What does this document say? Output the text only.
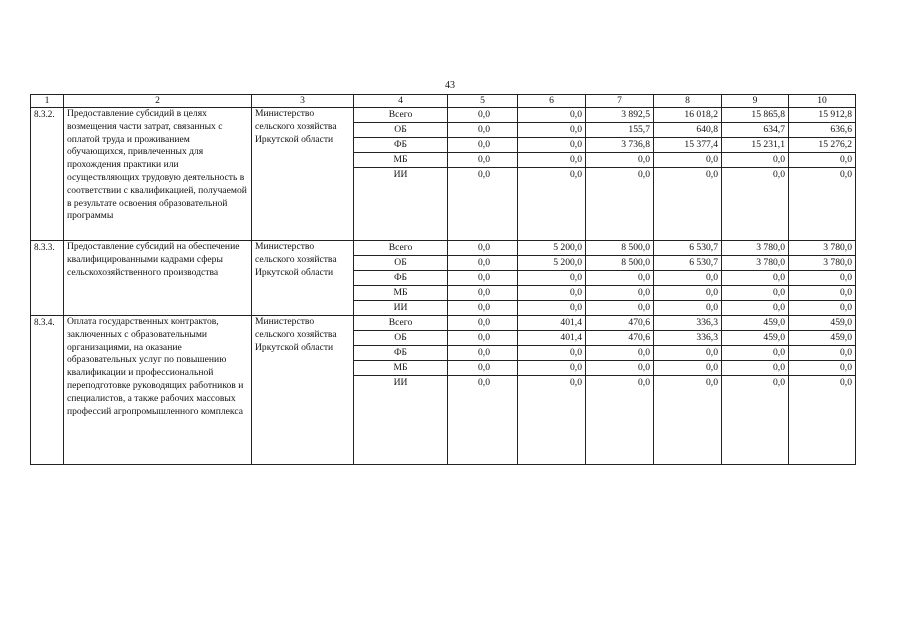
43
1	2	3	4	5	6	7	8	9	10
8.3.2.	Предоставление субсидий в целях возмещения части затрат, связанных с оплатой труда и проживанием обучающихся, привлеченных для прохождения практики или осуществляющих трудовую деятельность в соответствии с квалификацией, получаемой в результате освоения образовательной программы	Министерство сельского хозяйства Иркутской области	Всего	0,0	0,0	3 892,5	16 018,2	15 865,8	15 912,8
			ОБ	0,0	0,0	155,7	640,8	634,7	636,6
			ФБ	0,0	0,0	3 736,8	15 377,4	15 231,1	15 276,2
			МБ	0,0	0,0	0,0	0,0	0,0	0,0
			ИИ	0,0	0,0	0,0	0,0	0,0	0,0
8.3.3.	Предоставление субсидий на обеспечение квалифицированными кадрами сферы сельскохозяйственного производства	Министерство сельского хозяйства Иркутской области	Всего	0,0	5 200,0	8 500,0	6 530,7	3 780,0	3 780,0
			ОБ	0,0	5 200,0	8 500,0	6 530,7	3 780,0	3 780,0
			ФБ	0,0	0,0	0,0	0,0	0,0	0,0
			МБ	0,0	0,0	0,0	0,0	0,0	0,0
			ИИ	0,0	0,0	0,0	0,0	0,0	0,0
8.3.4.	Оплата государственных контрактов, заключенных с образовательными организациями, на оказание образовательных услуг по повышению квалификации и профессиональной переподготовке руководящих работников и специалистов, а также рабочих массовых профессий агропромышленного комплекса	Министерство сельского хозяйства Иркутской области	Всего	0,0	401,4	470,6	336,3	459,0	459,0
			ОБ	0,0	401,4	470,6	336,3	459,0	459,0
			ФБ	0,0	0,0	0,0	0,0	0,0	0,0
			МБ	0,0	0,0	0,0	0,0	0,0	0,0
			ИИ	0,0	0,0	0,0	0,0	0,0	0,0
